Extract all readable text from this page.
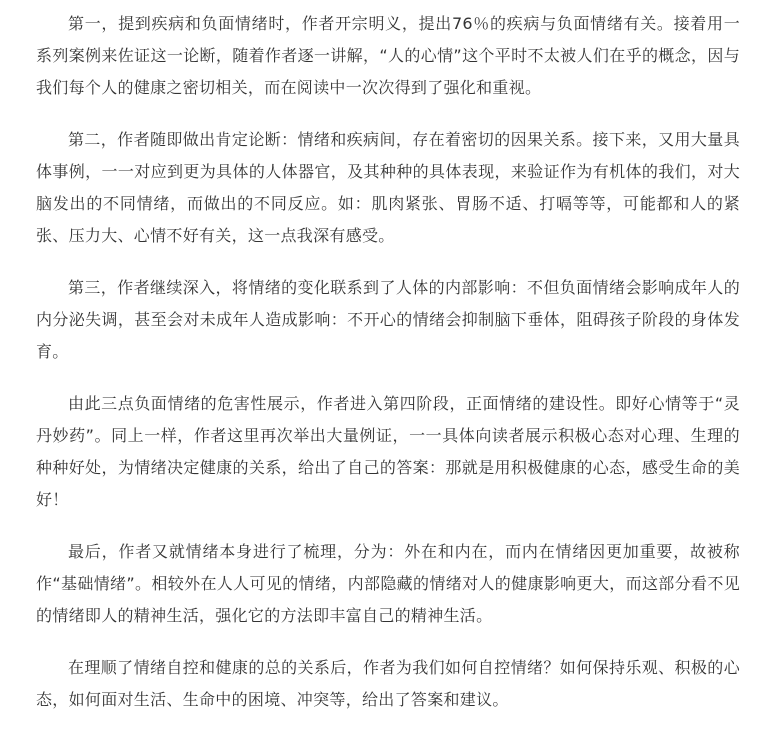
第一，提到疾病和负面情绪时，作者开宗明义，提出76％的疾病与负面情绪有关。接着用一系列案例来佐证这一论断，随着作者逐一讲解，“人的心情”这个平时不太被人们在乎的概念，因与我们每个人的健康之密切相关，而在阅读中一次次得到了强化和重视。

第二，作者随即做出肯定论断：情绪和疾病间，存在着密切的因果关系。接下来，又用大量具体事例，一一对应到更为具体的人体器官，及其种种的具体表现，来验证作为有机体的我们，对大脑发出的不同情绪，而做出的不同反应。如：肌肉紧张、胃肠不适、打嗝等等，可能都和人的紧张、压力大、心情不好有关，这一点我深有感受。

第三，作者继续深入，将情绪的变化联系到了人体的内部影响：不但负面情绪会影响成年人的内分泌失调，甚至会对未成年人造成影响：不开心的情绪会抑制脑下垂体，阻碍孩子阶段的身体发育。

由此三点负面情绪的危害性展示，作者进入第四阶段，正面情绪的建设性。即好心情等于“灵丹妙药”。同上一样，作者这里再次举出大量例证，一一具体向读者展示积极心态对心理、生理的种种好处，为情绪决定健康的关系，给出了自己的答案：那就是用积极健康的心态，感受生命的美好！

最后，作者又就情绪本身进行了梳理，分为：外在和内在，而内在情绪因更加重要，故被称作“基础情绪”。相较外在人人可见的情绪，内部隐藏的情绪对人的健康影响更大，而这部分看不见的情绪即人的精神生活，强化它的方法即丰富自己的精神生活。

在理顺了情绪自控和健康的总的关系后，作者为我们如何自控情绪？如何保持乐观、积极的心态，如何面对生活、生命中的困境、冲突等，给出了答案和建议。
